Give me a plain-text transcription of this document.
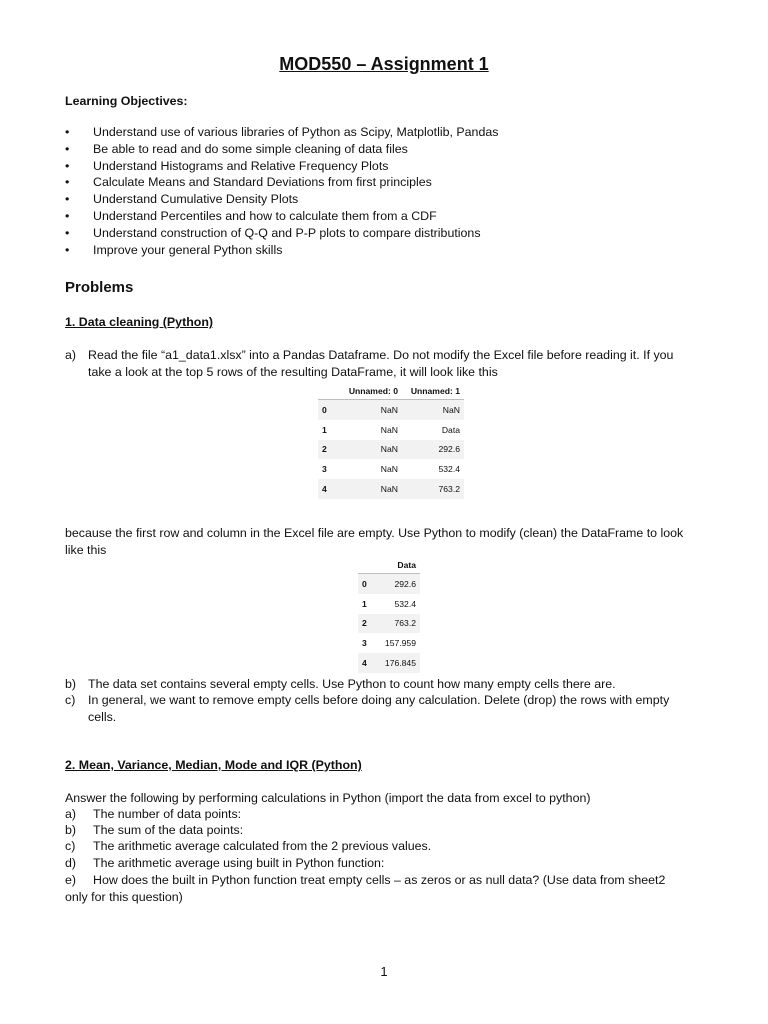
MOD550 – Assignment 1
Learning Objectives:
• Understand use of various libraries of Python as Scipy, Matplotlib, Pandas
• Be able to read and do some simple cleaning of data files
• Understand Histograms and Relative Frequency Plots
• Calculate Means and Standard Deviations from first principles
• Understand Cumulative Density Plots
• Understand Percentiles and how to calculate them from a CDF
• Understand construction of Q-Q and P-P plots to compare distributions
• Improve your general Python skills
Problems
1. Data cleaning (Python)
a) Read the file “a1_data1.xlsx” into a Pandas Dataframe. Do not modify the Excel file before reading it. If you
take a look at the top 5 rows of the resulting DataFrame, it will look like this
	Unnamed: 0	Unnamed: 1
0	NaN	NaN
1	NaN	Data
2	NaN	292.6
3	NaN	532.4
4	NaN	763.2
because the first row and column in the Excel file are empty. Use Python to modify (clean) the DataFrame to look
like this
	Data
0	292.6
1	532.4
2	763.2
3	157.959
4	176.845
b) The data set contains several empty cells. Use Python to count how many empty cells there are.
c) In general, we want to remove empty cells before doing any calculation. Delete (drop) the rows with empty
cells.
2. Mean, Variance, Median, Mode and IQR (Python)
Answer the following by performing calculations in Python (import the data from excel to python)
a) The number of data points:
b) The sum of the data points:
c) The arithmetic average calculated from the 2 previous values.
d) The arithmetic average using built in Python function:
e) How does the built in Python function treat empty cells – as zeros or as null data? (Use data from sheet2
only for this question)
1
